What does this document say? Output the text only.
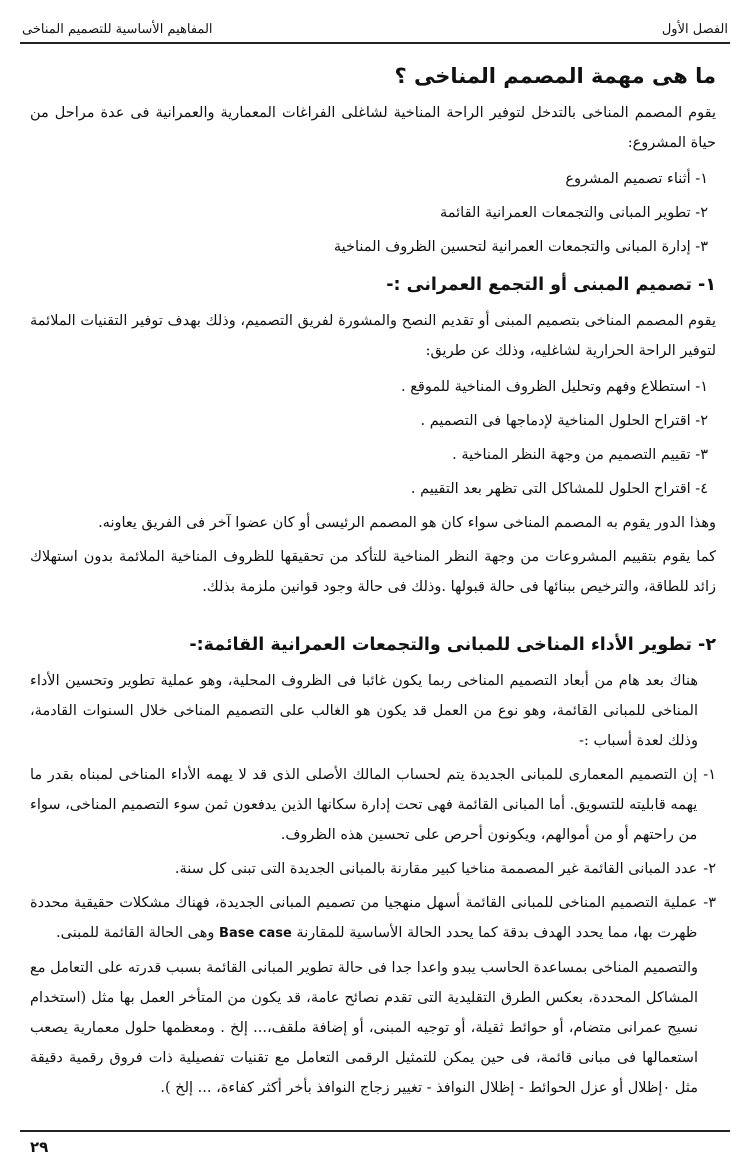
الفصل الأول
المفاهيم الأساسية للتصميم المناخى
ما هى مهمة المصمم المناخى ؟

يقوم المصمم المناخى بالتدخل لتوفير الراحة المناخية لشاغلى الفراغات المعمارية والعمرانية فى عدة مراحل من حياة المشروع:

١- أثناء تصميم المشروع
٢- تطوير المبانى والتجمعات العمرانية القائمة
٣- إدارة المبانى والتجمعات العمرانية لتحسين الظروف المناخية
١- تصميم المبنى أو التجمع العمرانى :-

يقوم المصمم المناخى بتصميم المبنى أو تقديم النصح والمشورة لفريق التصميم، وذلك بهدف توفير التقنيات الملائمة لتوفير الراحة الحرارية لشاغليه، وذلك عن طريق:

١- استطلاع وفهم وتحليل الظروف المناخية للموقع .
٢- اقتراح الحلول المناخية لإدماجها فى التصميم .
٣- تقييم التصميم من وجهة النظر المناخية .
٤- اقتراح الحلول للمشاكل التى تظهر بعد التقييم .

وهذا الدور يقوم به المصمم المناخى سواء كان هو المصمم الرئيسى أو كان عضوا آخر فى الفريق يعاونه.

كما يقوم بتقييم المشروعات من وجهة النظر المناخية للتأكد من تحقيقها للظروف المناخية الملائمة بدون استهلاك زائد للطاقة، والترخيص ببنائها فى حالة قبولها .وذلك فى حالة وجود قوانين ملزمة بذلك.

٢- تطوير الأداء المناخى للمبانى والتجمعات العمرانية القائمة:-

هناك بعد هام من أبعاد التصميم المناخى ربما يكون غائبا فى الظروف المحلية، وهو عملية تطوير وتحسين الأداء المناخى للمبانى القائمة، وهو نوع من العمل قد يكون هو الغالب على التصميم المناخى خلال السنوات القادمة، وذلك لعدة أسباب :-

١-
إن التصميم المعمارى للمبانى الجديدة يتم لحساب المالك الأصلى الذى قد لا يهمه الأداء المناخى لمبناه بقدر ما يهمه قابليته للتسويق. أما المبانى القائمة فهى تحت إدارة سكانها الذين يدفعون ثمن سوء التصميم المناخى، سواء من راحتهم أو من أموالهم، ويكونون أحرص على تحسين هذه الظروف.
٢-
عدد المبانى القائمة غير المصممة مناخيا كبير مقارنة بالمبانى الجديدة التى تبنى كل سنة.
٣-
عملية التصميم المناخى للمبانى القائمة أسهل منهجيا من تصميم المبانى الجديدة، فهناك مشكلات حقيقية محددة ظهرت بها، مما يحدد الهدف بدقة كما يحدد الحالة الأساسية للمقارنة Base case وهى الحالة القائمة للمبنى.

والتصميم المناخى بمساعدة الحاسب يبدو واعدا جدا فى حالة تطوير المبانى القائمة بسبب قدرته على التعامل مع المشاكل المحددة، بعكس الطرق التقليدية التى تقدم نصائح عامة، قد يكون من المتأخر العمل بها مثل (استخدام نسيج عمرانى متضام، أو حوائط ثقيلة، أو توجيه المبنى، أو إضافة ملقف،... إلخ . ومعظمها حلول معمارية يصعب استعمالها فى مبانى قائمة، فى حين يمكن للتمثيل الرقمى التعامل مع تقنيات تفصيلية ذات فروق رقمية دقيقة مثل ٠إظلال أو عزل الحوائط - إظلال النوافذ - تغيير زجاج النوافذ بأخر أكثر كفاءة، ... إلخ ).

٢٩
